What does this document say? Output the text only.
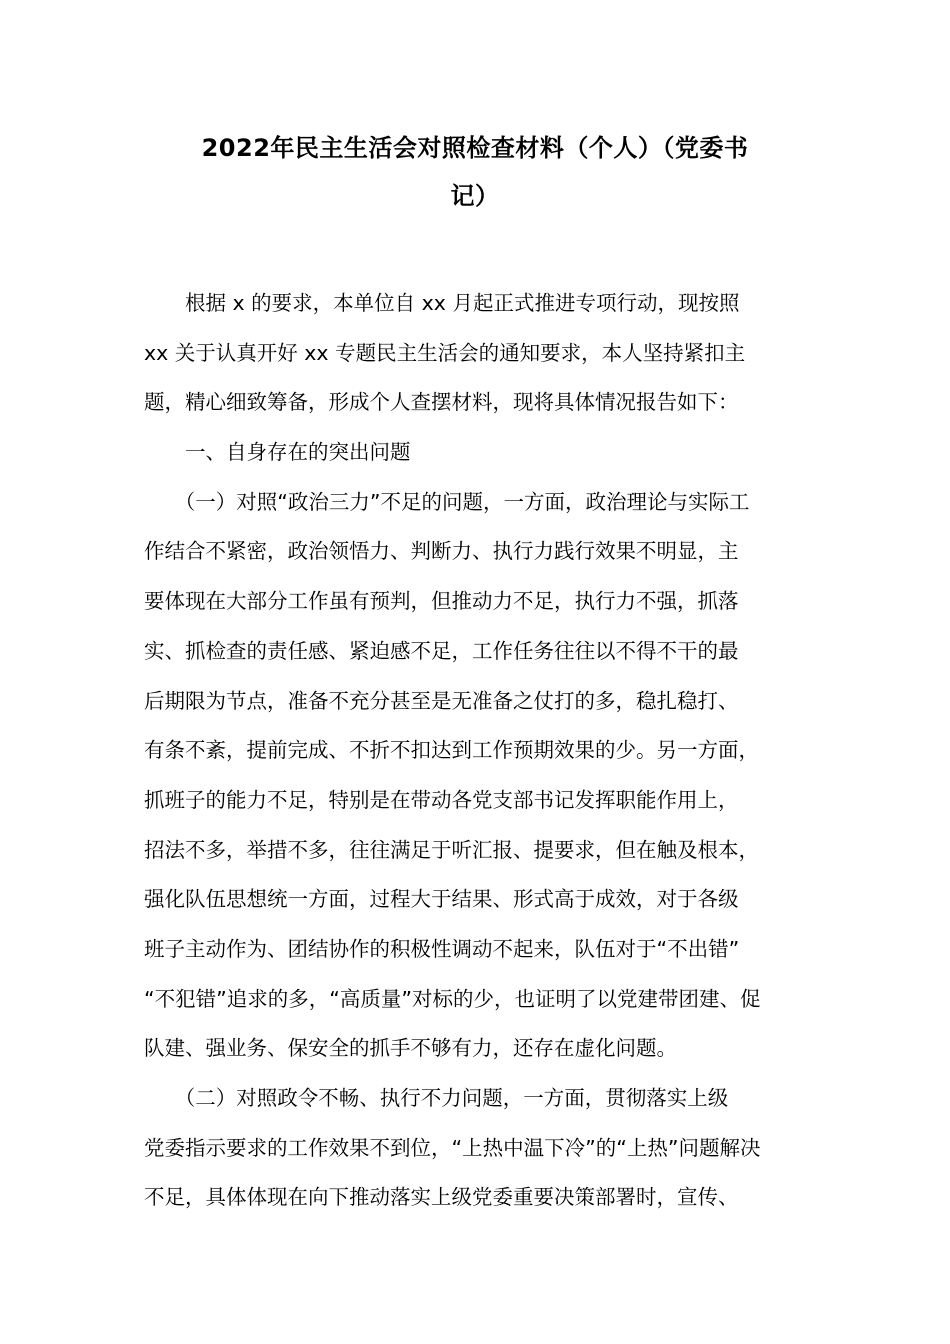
2022年民主生活会对照检查材料（个人）（党委书
记）
　　根据 x 的要求，本单位自 xx 月起正式推进专项行动，现按照
xx 关于认真开好 xx 专题民主生活会的通知要求，本人坚持紧扣主
题，精心细致筹备，形成个人查摆材料，现将具体情况报告如下：
　　一、自身存在的突出问题
　　（一）对照“政治三力”不足的问题，一方面，政治理论与实际工
作结合不紧密，政治领悟力、判断力、执行力践行效果不明显，主
要体现在大部分工作虽有预判，但推动力不足，执行力不强，抓落
实、抓检查的责任感、紧迫感不足，工作任务往往以不得不干的最
后期限为节点，准备不充分甚至是无准备之仗打的多，稳扎稳打、
有条不紊，提前完成、不折不扣达到工作预期效果的少。另一方面，
抓班子的能力不足，特别是在带动各党支部书记发挥职能作用上，
招法不多，举措不多，往往满足于听汇报、提要求，但在触及根本，
强化队伍思想统一方面，过程大于结果、形式高于成效，对于各级
班子主动作为、团结协作的积极性调动不起来，队伍对于“不出错”
“不犯错”追求的多，“高质量”对标的少，也证明了以党建带团建、促
队建、强业务、保安全的抓手不够有力，还存在虚化问题。
　　（二）对照政令不畅、执行不力问题，一方面，贯彻落实上级
党委指示要求的工作效果不到位，“上热中温下冷”的“上热”问题解决
不足，具体体现在向下推动落实上级党委重要决策部署时，宣传、
